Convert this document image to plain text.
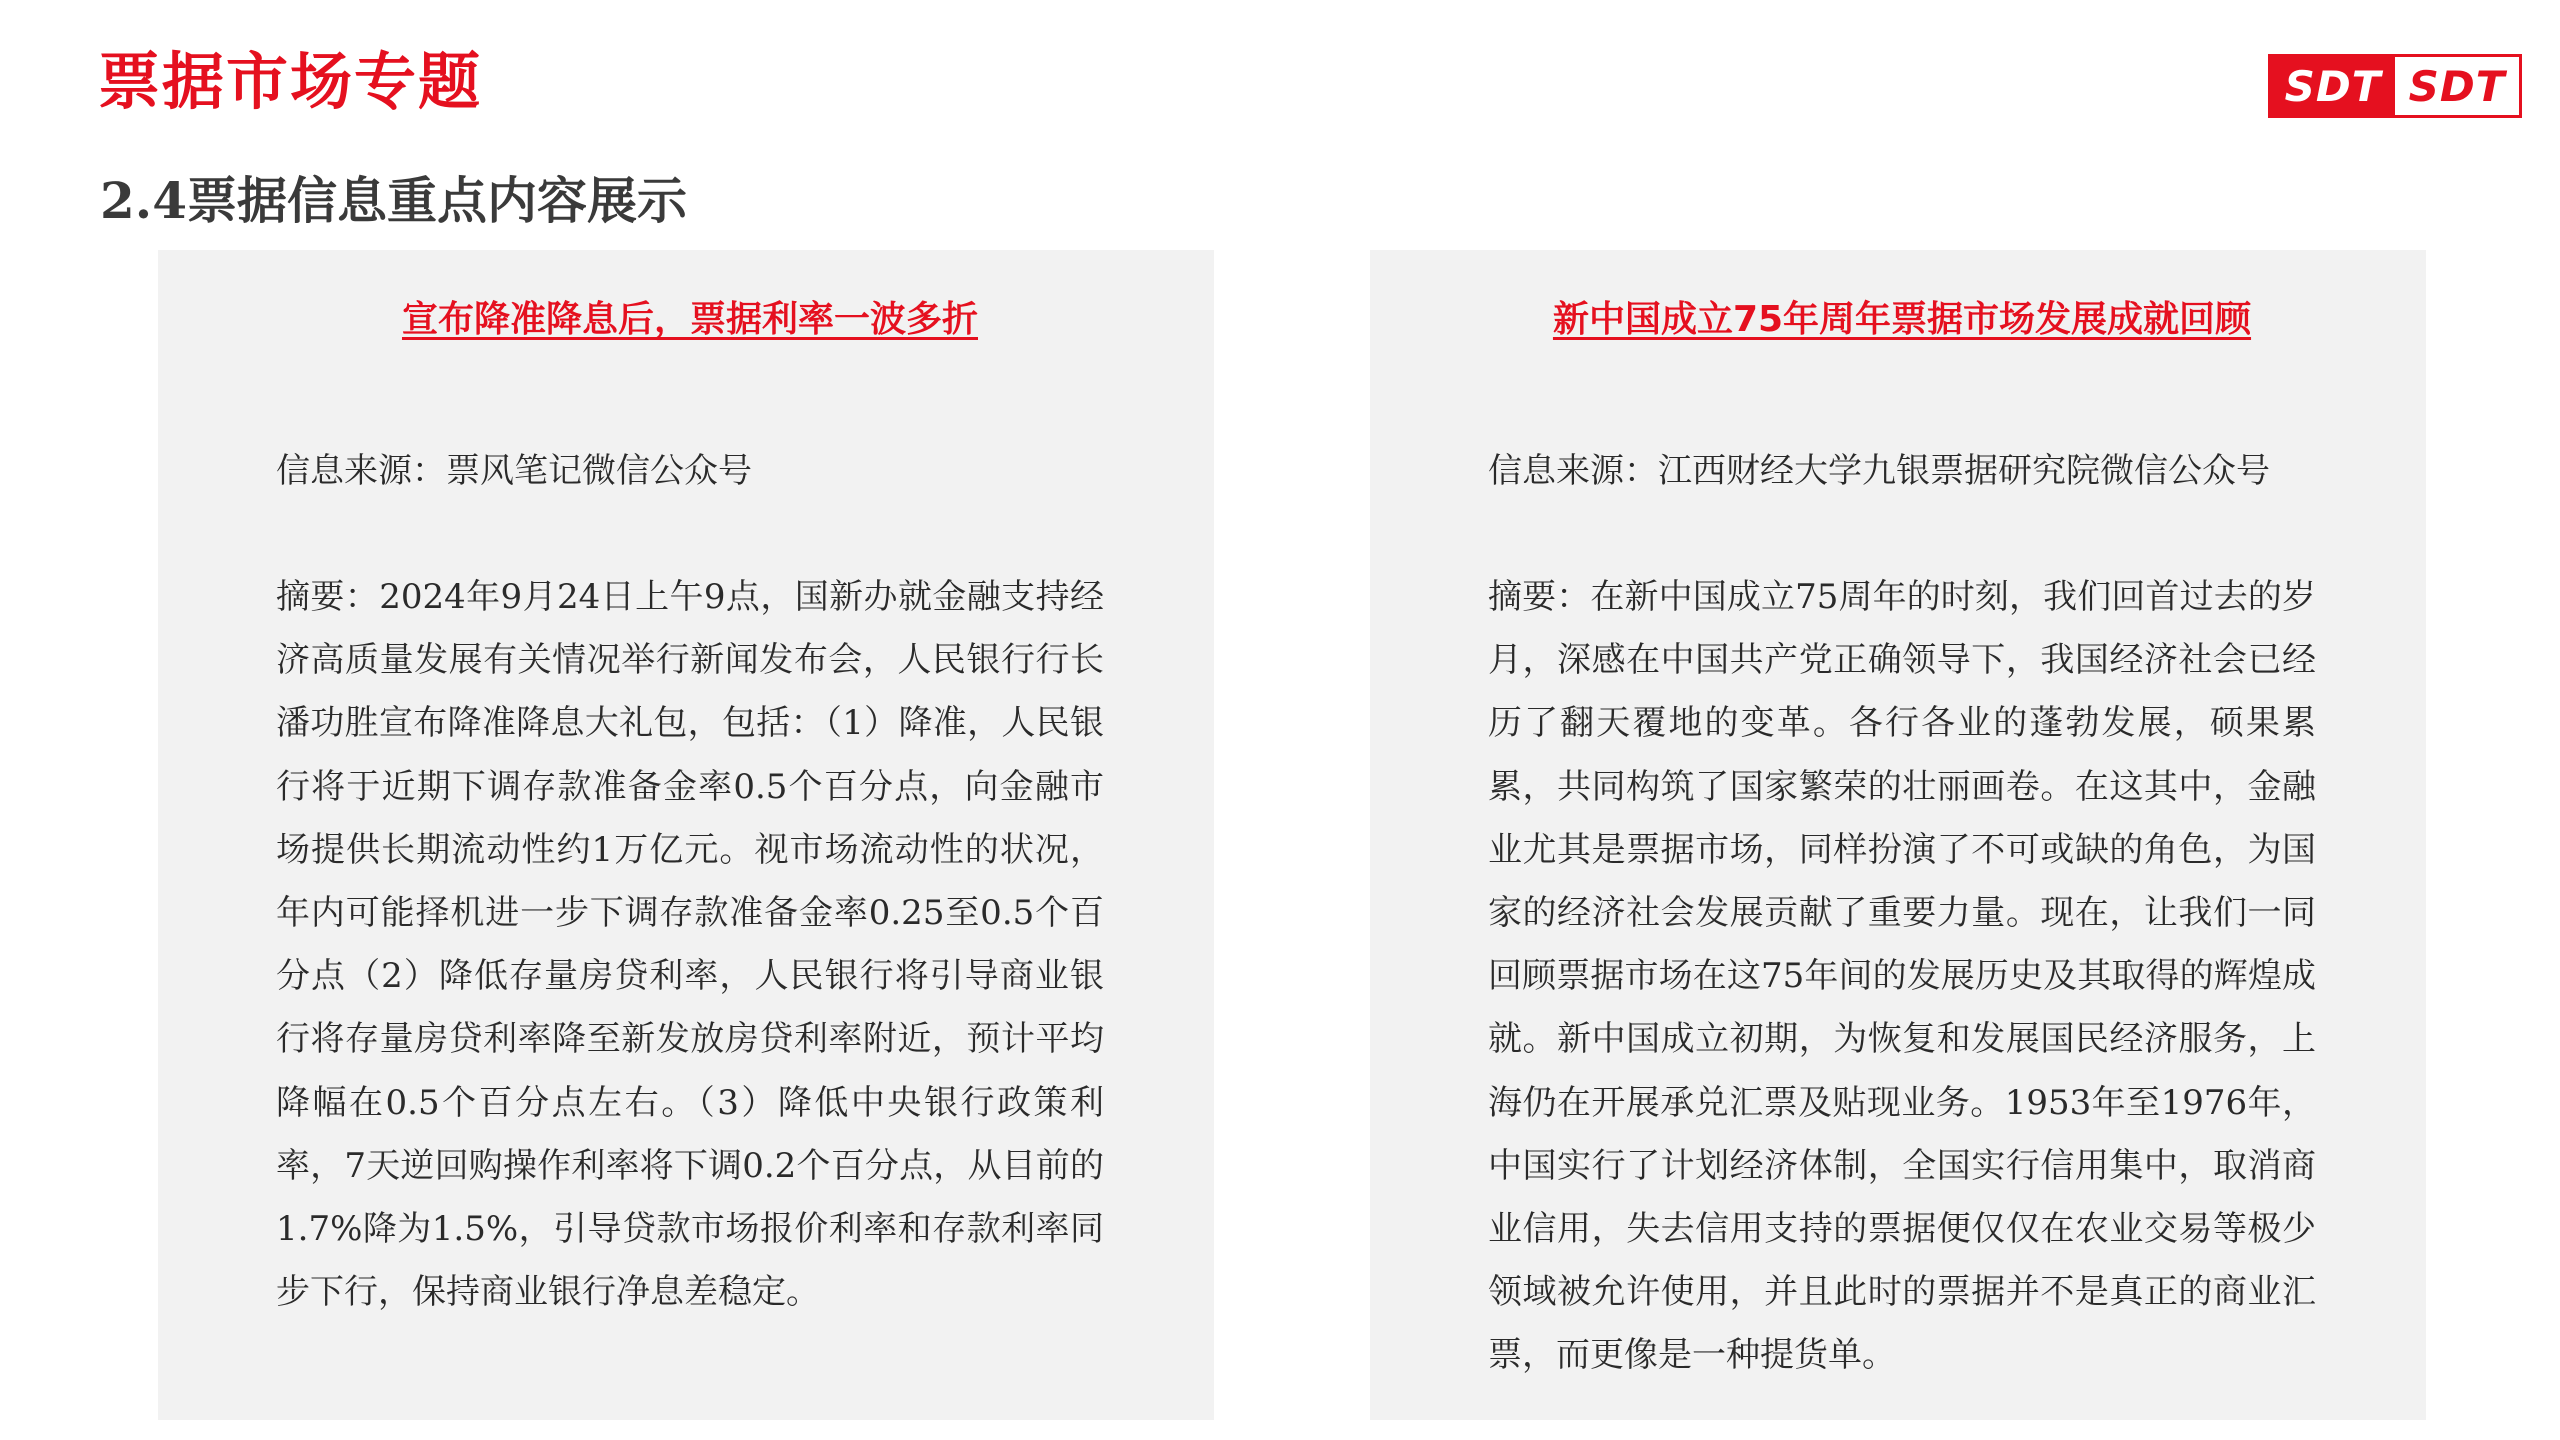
票据市场专题	SDT SDT
2.4票据信息重点内容展示
宣布降准降息后，票据利率一波多折

信息来源：票风笔记微信公众号

摘要：2024年9月24日上午9点，国新办就金融支持经济高质量发展有关情况举行新闻发布会，人民银行行长潘功胜宣布降准降息大礼包，包括：（1）降准，人民银行将于近期下调存款准备金率0.5个百分点，向金融市场提供长期流动性约1万亿元。视市场流动性的状况，年内可能择机进一步下调存款准备金率0.25至0.5个百分点（2）降低存量房贷利率，人民银行将引导商业银行将存量房贷利率降至新发放房贷利率附近，预计平均降幅在0.5个百分点左右。（3）降低中央银行政策利率，7天逆回购操作利率将下调0.2个百分点，从目前的1.7%降为1.5%，引导贷款市场报价利率和存款利率同步下行，保持商业银行净息差稳定。

新中国成立75年周年票据市场发展成就回顾

信息来源：江西财经大学九银票据研究院微信公众号

摘要：在新中国成立75周年的时刻，我们回首过去的岁月，深感在中国共产党正确领导下，我国经济社会已经历了翻天覆地的变革。各行各业的蓬勃发展，硕果累累，共同构筑了国家繁荣的壮丽画卷。在这其中，金融业尤其是票据市场，同样扮演了不可或缺的角色，为国家的经济社会发展贡献了重要力量。现在，让我们一同回顾票据市场在这75年间的发展历史及其取得的辉煌成就。新中国成立初期，为恢复和发展国民经济服务，上海仍在开展承兑汇票及贴现业务。1953年至1976年，中国实行了计划经济体制，全国实行信用集中，取消商业信用，失去信用支持的票据便仅仅在农业交易等极少领域被允许使用，并且此时的票据并不是真正的商业汇票，而更像是一种提货单。
